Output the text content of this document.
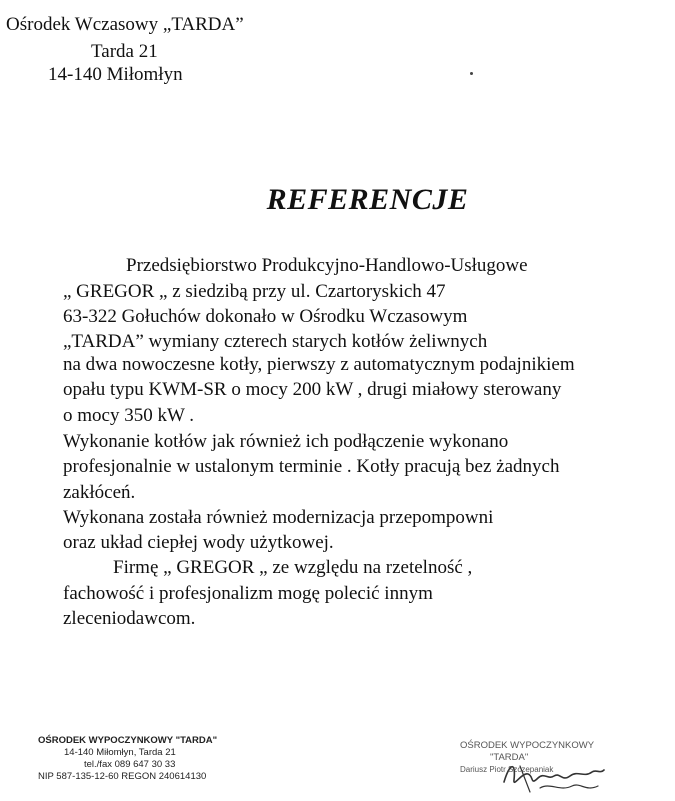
Ośrodek Wczasowy „TARDA”
Tarda 21
14-140 Miłomłyn
REFERENCJE
Przedsiębiorstwo Produkcyjno-Handlowo-Usługowe
„ GREGOR „ z siedzibą przy ul. Czartoryskich 47
63-322 Gołuchów dokonało w Ośrodku Wczasowym
„TARDA” wymiany czterech starych kotłów żeliwnych
na dwa nowoczesne kotły, pierwszy z automatycznym podajnikiem
opału typu KWM-SR o mocy 200 kW , drugi miałowy sterowany
o mocy 350 kW .
Wykonanie kotłów jak również ich podłączenie wykonano
profesjonalnie w ustalonym terminie . Kotły pracują bez żadnych
zakłóceń.
Wykonana została również modernizacja przepompowni
oraz układ ciepłej wody użytkowej.
Firmę „ GREGOR „ ze względu na rzetelność ,
fachowość i profesjonalizm mogę polecić innym
zleceniodawcom.
OŚRODEK WYPOCZYNKOWY "TARDA"
14-140 Miłomłyn, Tarda 21
tel./fax 089 647 30 33
NIP 587-135-12-60 REGON 240614130
OŚRODEK WYPOCZYNKOWY
"TARDA"
Dariusz Piotr Szczepaniak
